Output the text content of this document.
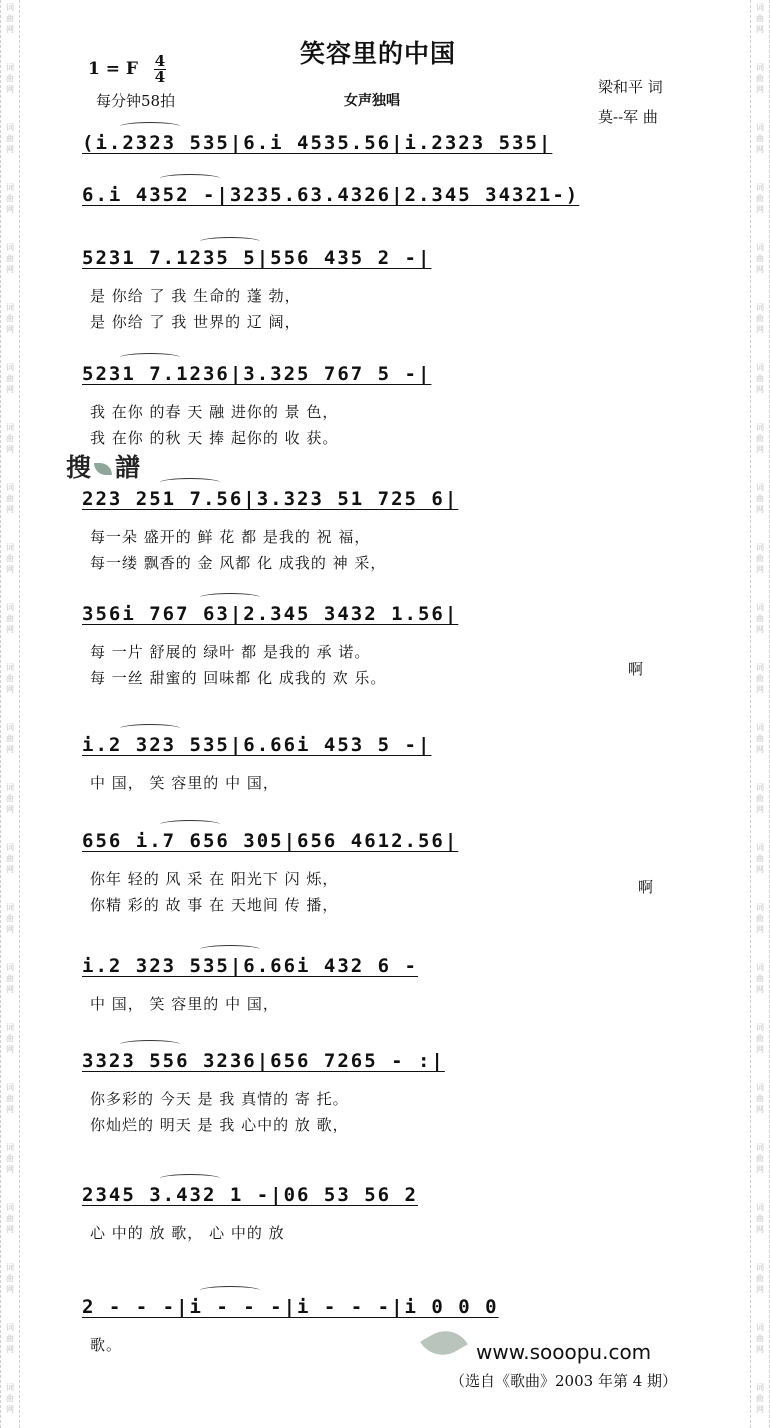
词
曲
网
词
曲
网
词
曲
网
词
曲
网
词
曲
网
词
曲
网
词
曲
网
词
曲
网
词
曲
网
词
曲
网
词
曲
网
词
曲
网
词
曲
网
词
曲
网
词
曲
网
词
曲
网
词
曲
网
词
曲
网
词
曲
网
词
曲
网
词
曲
网
词
曲
网
词
曲
网
词
曲
网
词
曲
网
词
曲
网
词
曲
网
词
曲
网
词
曲
网
词
曲
网
词
曲
网
词
曲
网
词
曲
网
词
曲
网
词
曲
网
词
曲
网
词
曲
网
词
曲
网
词
曲
网
词
曲
网
词
曲
网
词
曲
网
词
曲
网
词
曲
网
词
曲
网
词
曲
网
词
曲
网
词
曲
网
笑容里的中国
1 = F $\frac{4}{4}$
每分钟58拍	女声独唱
梁和平 词
莫--军 曲
(i.2323 535|6.i 4535.56|i.2323 535|
6.i 4352 -|3235.63.4326|2.345 34321-)
5231 7.1235 5|556 435 2 -|
是 你给 了 我 生命的 蓬 勃，
是 你给 了 我 世界的 辽 阔，
5231 7.1236|3.325 767 5 -|
我 在你 的春 天 融 进你的 景 色，
我 在你 的秋 天 捧 起你的 收 获。
223 251 7.56|3.323 51 725 6|
每一朵 盛开的 鲜 花 都 是我的 祝 福，
每一缕 飘香的 金 风都 化 成我的 神 采，
356i 767 63|2.345 3432 1.56|
每 一片 舒展的 绿叶 都 是我的 承 诺。
每 一丝 甜蜜的 回味都 化 成我的 欢 乐。
i.2 323 535|6.66i 453 5 -|
中 国， 笑 容里的 中 国，
656 i.7 656 305|656 4612.56|
你年 轻的 风 采 在 阳光下 闪 烁，
你精 彩的 故 事 在 天地间 传 播，
i.2 323 535|6.66i 432 6 -
中 国， 笑 容里的 中 国，
3323 556 3236|656 7265 - :|
你多彩的 今天 是 我 真情的 寄 托。
你灿烂的 明天 是 我 心中的 放 歌，
2345 3.432 1 -|06 53 56 2
心 中的 放 歌， 心 中的 放
2 - - -|i - - -|i - - -|i 0 0 0
歌。
啊
啊
搜 譜
www.sooopu.com
（选自《歌曲》2003 年第 4 期）
